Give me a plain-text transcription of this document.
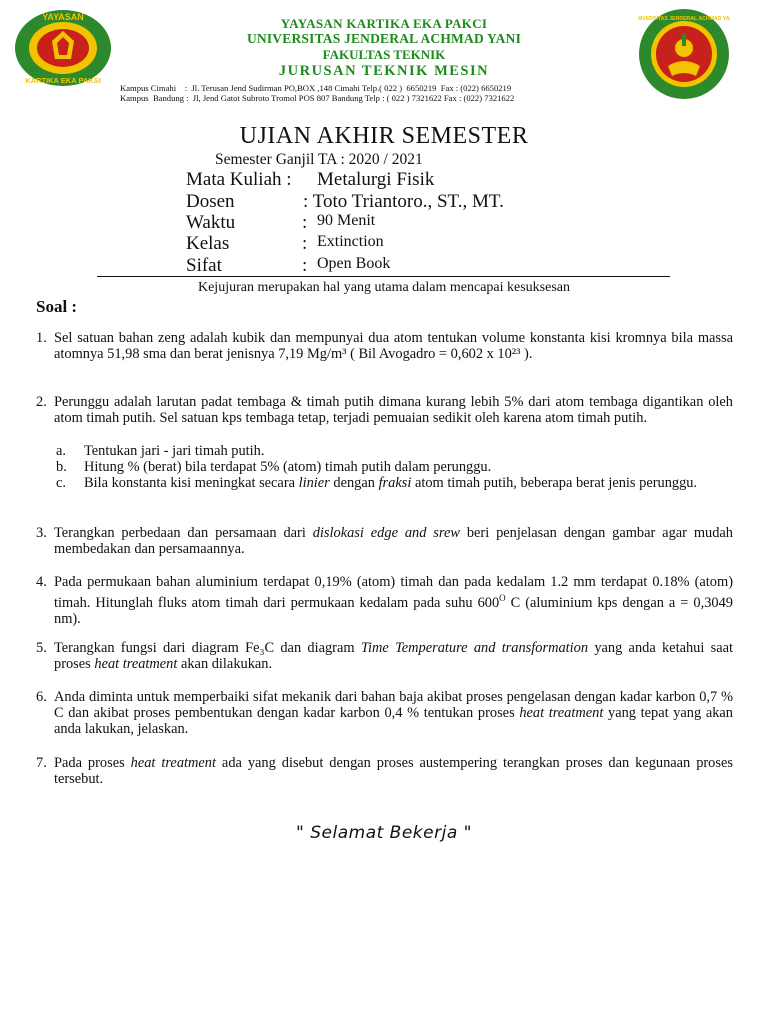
YAYASAN
KARTIKA EKA PAKSI
UNIVERSITAS JENDERAL ACHMAD YANI
YAYASAN KARTIKA EKA PAKCI
UNIVERSITAS JENDERAL ACHMAD YANI
FAKULTAS TEKNIK
JURUSAN TEKNIK MESIN
Kampus Cimahi    :  Jl. Terusan Jend Sudirman PO,BOX ,148 Cimahi Telp.( 022 )  6650219  Fax : (022) 6650219
Kampus  Bandung :  Jl, Jend Gatot Subroto Tromol POS 807 Bandung Telp : ( 022 ) 7321622 Fax : (022) 7321622
UJIAN AKHIR SEMESTER
Semester Ganjil TA : 2020 / 2021
Mata Kuliah : Metalurgi Fisik
Dosen	: Toto Triantoro., ST., MT.
Waktu	: 90 Menit
Kelas	: Extinction
Sifat	: Open Book
Kejujuran merupakan hal yang utama dalam mencapai kesuksesan
Soal :
1. Sel satuan bahan zeng adalah kubik dan mempunyai dua atom tentukan volume konstanta kisi kromnya bila massa atomnya 51,98 sma dan berat jenisnya 7,19 Mg/m³ ( Bil Avogadro = 0,602 x 10²³ ).
2. Perunggu adalah larutan padat tembaga & timah putih dimana kurang lebih 5% dari atom tembaga digantikan oleh atom timah putih. Sel satuan kps tembaga tetap, terjadi pemuaian sedikit oleh karena atom timah putih.
a. Tentukan jari - jari timah putih.
b. Hitung % (berat) bila terdapat 5% (atom) timah putih dalam perunggu.
c. Bila konstanta kisi meningkat secara linier dengan fraksi atom timah putih, beberapa berat jenis perunggu.
3. Terangkan perbedaan dan persamaan dari dislokasi edge and srew beri penjelasan dengan gambar agar mudah membedakan dan persamaannya.
4. Pada permukaan bahan aluminium terdapat 0,19% (atom) timah dan pada kedalam 1.2 mm terdapat 0.18% (atom) timah. Hitunglah fluks atom timah dari permukaan kedalam pada suhu $600^O$ C (aluminium kps dengan a = 0,3049 nm).
5. Terangkan fungsi dari diagram Fe₃C dan diagram Time Temperature and transformation yang anda ketahui saat proses heat treatment akan dilakukan.
6. Anda diminta untuk memperbaiki sifat mekanik dari bahan baja akibat proses pengelasan dengan kadar karbon 0,7 % C dan akibat proses pembentukan dengan kadar karbon 0,4 % tentukan proses heat treatment yang tepat yang akan anda lakukan, jelaskan.
7. Pada proses heat treatment ada yang disebut dengan proses austempering terangkan proses dan kegunaan proses tersebut.
" Selamat Bekerja "
